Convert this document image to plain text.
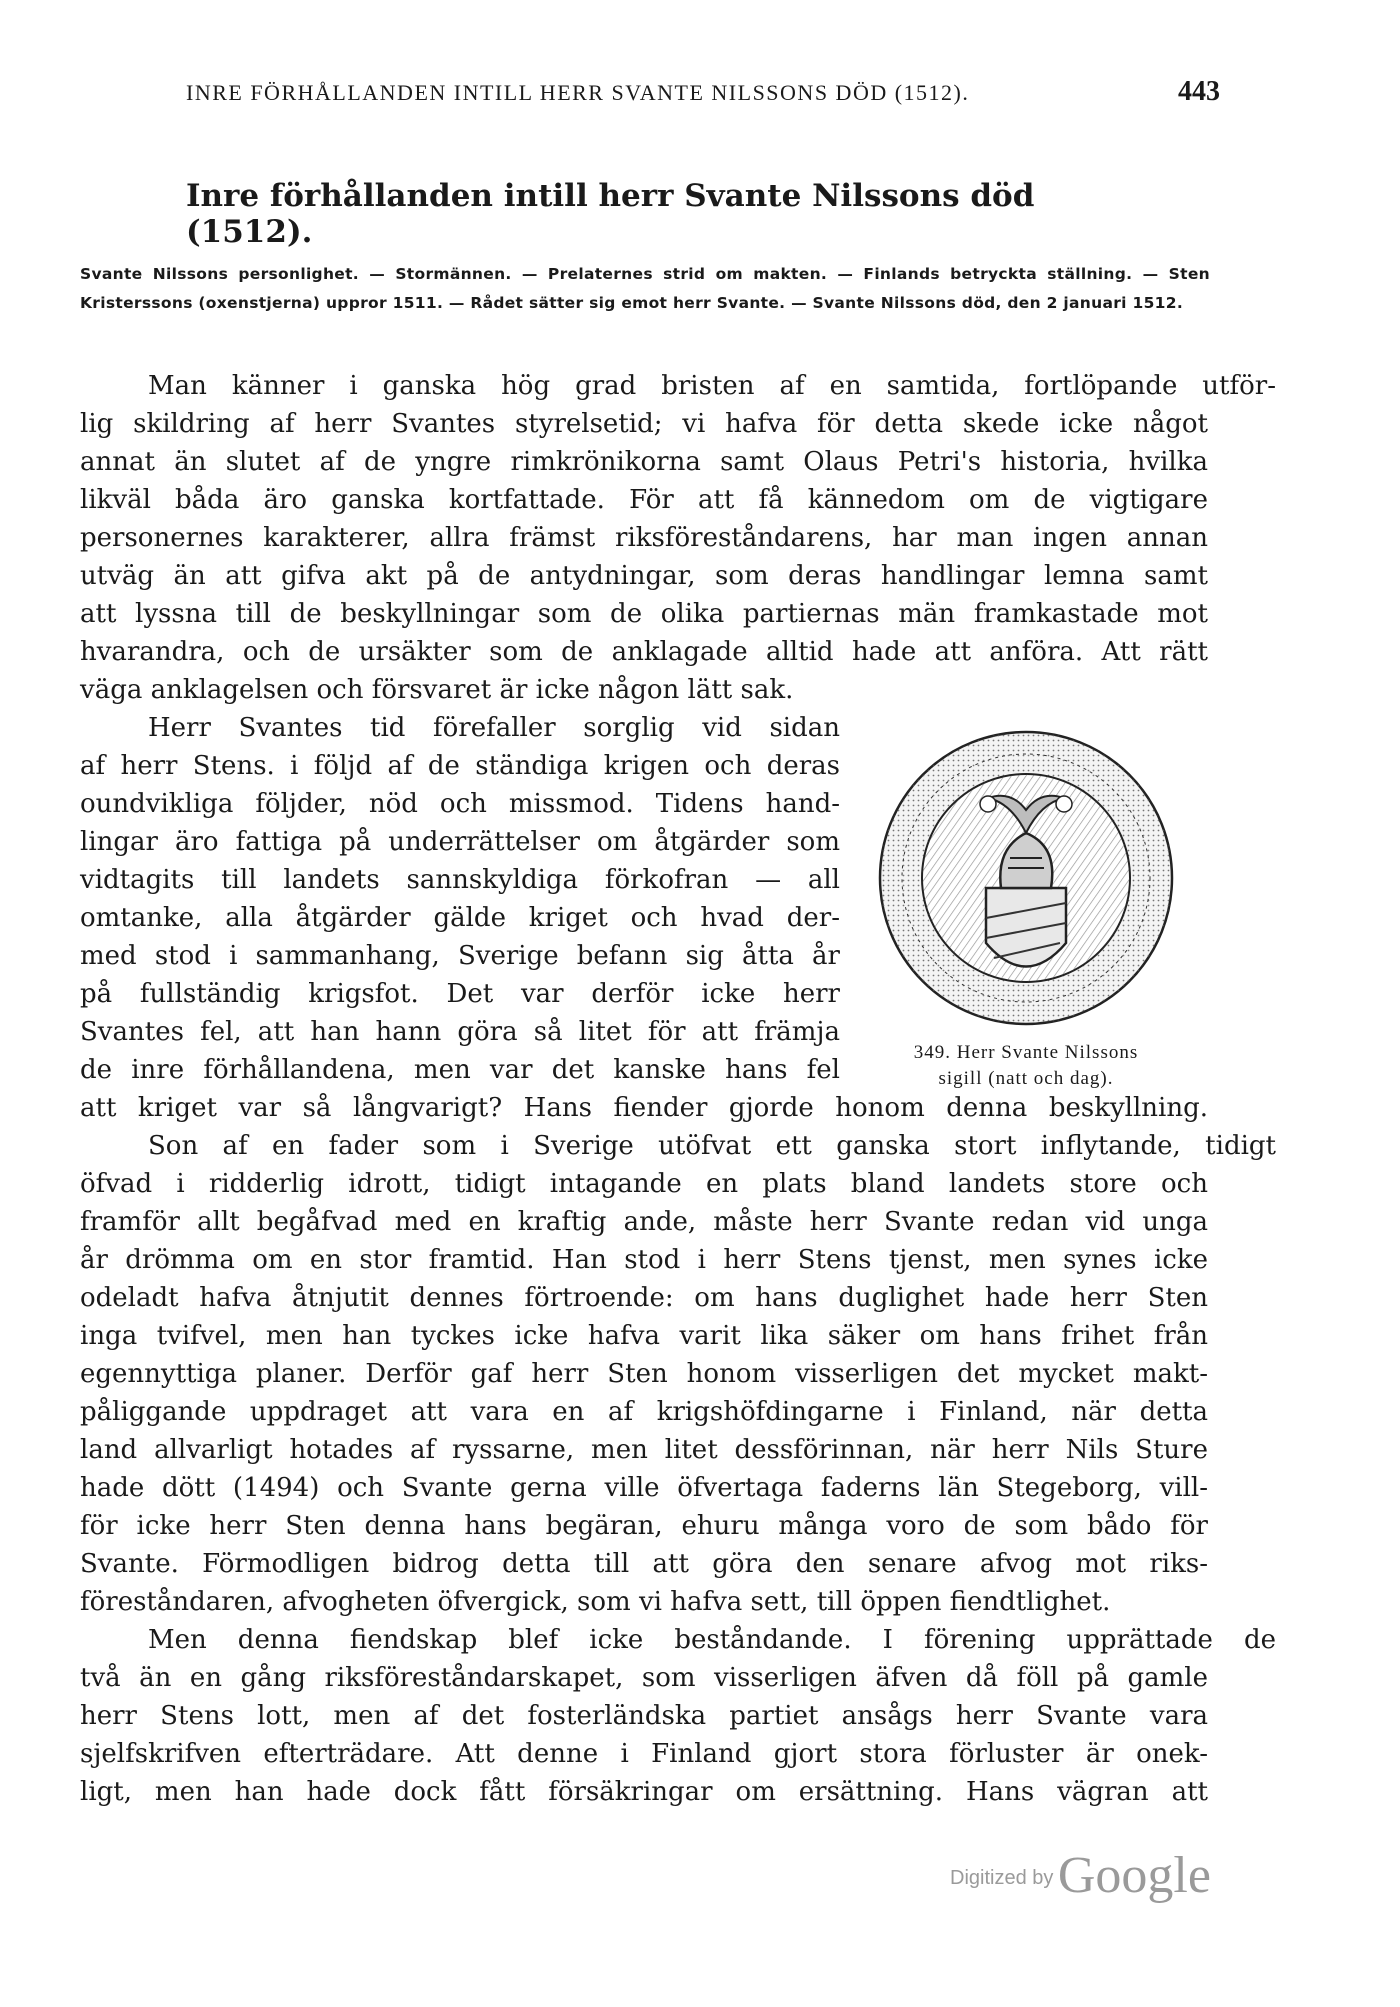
INRE FÖRHÅLLANDEN INTILL HERR SVANTE NILSSONS DÖD (1512).	443
Inre förhållanden intill herr Svante Nilssons död (1512).
Svante Nilssons personlighet. — Stormännen. — Prelaternes strid om makten. — Finlands betryckta ställning. — Sten Kristerssons (oxenstjerna) uppror 1511. — Rådet sätter sig emot herr Svante. — Svante Nilssons död, den 2 januari 1512.
Man känner i ganska hög grad bristen af en samtida, fortlöpande utför-
lig skildring af herr Svantes styrelsetid; vi hafva för detta skede icke något
annat än slutet af de yngre rimkrönikorna samt Olaus Petri's historia, hvilka
likväl båda äro ganska kortfattade. För att få kännedom om de vigtigare
personernes karakterer, allra främst riksföreståndarens, har man ingen annan
utväg än att gifva akt på de antydningar, som deras handlingar lemna samt
att lyssna till de beskyllningar som de olika partiernas män framkastade mot
hvarandra, och de ursäkter som de anklagade alltid hade att anföra. Att rätt
väga anklagelsen och försvaret är icke någon lätt sak.
Herr Svantes tid förefaller sorglig vid sidan
af herr Stens. i följd af de ständiga krigen och deras
oundvikliga följder, nöd och missmod. Tidens hand-
lingar äro fattiga på underrättelser om åtgärder som
vidtagits till landets sannskyldiga förkofran — all
omtanke, alla åtgärder gälde kriget och hvad der-
med stod i sammanhang, Sverige befann sig åtta år
på fullständig krigsfot. Det var derför icke herr
Svantes fel, att han hann göra så litet för att främja
de inre förhållandena, men var det kanske hans fel
att kriget var så långvarigt? Hans fiender gjorde honom denna beskyllning.
Son af en fader som i Sverige utöfvat ett ganska stort inflytande, tidigt
öfvad i ridderlig idrott, tidigt intagande en plats bland landets store och
framför allt begåfvad med en kraftig ande, måste herr Svante redan vid unga
år drömma om en stor framtid. Han stod i herr Stens tjenst, men synes icke
odeladt hafva åtnjutit dennes förtroende: om hans duglighet hade herr Sten
inga tvifvel, men han tyckes icke hafva varit lika säker om hans frihet från
egennyttiga planer. Derför gaf herr Sten honom visserligen det mycket makt-
påliggande uppdraget att vara en af krigshöfdingarne i Finland, när detta
land allvarligt hotades af ryssarne, men litet dessförinnan, när herr Nils Sture
hade dött (1494) och Svante gerna ville öfvertaga faderns län Stegeborg, vill-
för icke herr Sten denna hans begäran, ehuru många voro de som bådo för
Svante. Förmodligen bidrog detta till att göra den senare afvog mot riks-
föreståndaren, afvogheten öfvergick, som vi hafva sett, till öppen fiendtlighet.
Men denna fiendskap blef icke beståndande. I förening upprättade de
två än en gång riksföreståndarskapet, som visserligen äfven då föll på gamle
herr Stens lott, men af det fosterländska partiet ansågs herr Svante vara
sjelfskrifven efterträdare. Att denne i Finland gjort stora förluster är onek-
ligt, men han hade dock fått försäkringar om ersättning. Hans vägran att
349. Herr Svante Nilssons
sigill (natt och dag).
Digitized by Google
